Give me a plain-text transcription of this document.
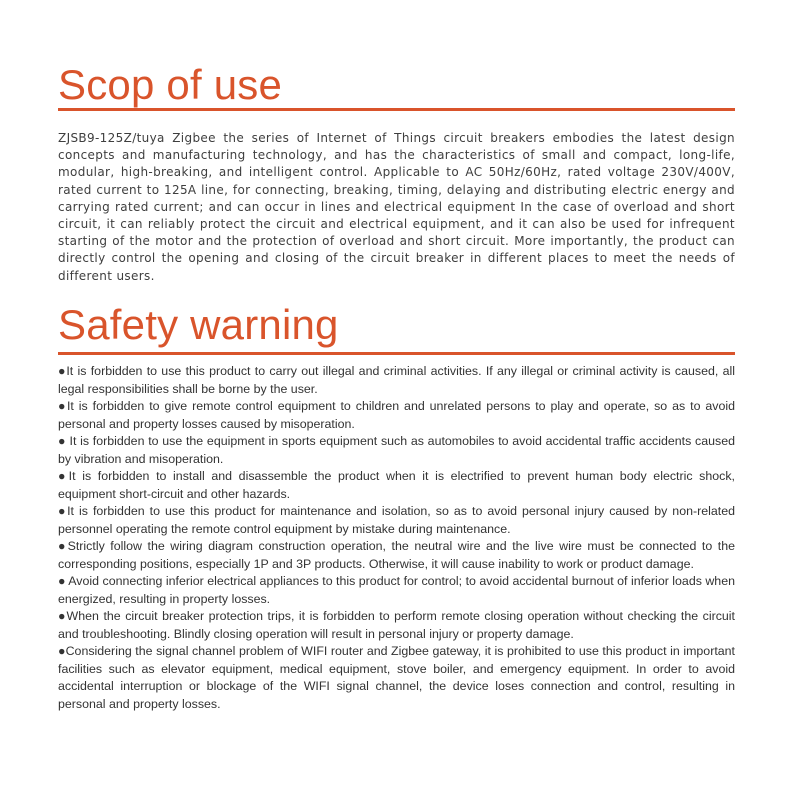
Scop of use

ZJSB9-125Z/tuya Zigbee the series of Internet of Things circuit breakers embodies the latest design concepts and manufacturing technology, and has the characteristics of small and compact, long-life, modular, high-breaking, and intelligent control. Applicable to AC 50Hz/60Hz, rated voltage 230V/400V, rated current to 125A line, for connecting, breaking, timing, delaying and distributing electric energy and carrying rated current; and can occur in lines and electrical equipment In the case of overload and short circuit, it can reliably protect the circuit and electrical equipment, and it can also be used for infrequent starting of the motor and the protection of overload and short circuit. More importantly, the product can directly control the opening and closing of the circuit breaker in different places to meet the needs of different users.

Safety warning
●It is forbidden to use this product to carry out illegal and criminal activities. If any illegal or criminal activity is caused, all legal responsibilities shall be borne by the user.
●It is forbidden to give remote control equipment to children and unrelated persons to play and operate, so as to avoid personal and property losses caused by misoperation.
● It is forbidden to use the equipment in sports equipment such as automobiles to avoid accidental traffic accidents caused by vibration and misoperation.
●It is forbidden to install and disassemble the product when it is electrified to prevent human body electric shock, equipment short-circuit and other hazards.
●It is forbidden to use this product for maintenance and isolation, so as to avoid personal injury caused by non-related personnel operating the remote control equipment by mistake during maintenance.
●Strictly follow the wiring diagram construction operation, the neutral wire and the live wire must be connected to the corresponding positions, especially 1P and 3P products. Otherwise, it will cause inability to work or product damage.
● Avoid connecting inferior electrical appliances to this product for control; to avoid accidental burnout of inferior loads when energized, resulting in property losses.
●When the circuit breaker protection trips, it is forbidden to perform remote closing operation without checking the circuit and troubleshooting. Blindly closing operation will result in personal injury or property damage.
●Considering the signal channel problem of WIFI router and Zigbee gateway, it is prohibited to use this product in important facilities such as elevator equipment, medical equipment, stove boiler, and emergency equipment. In order to avoid accidental interruption or blockage of the WIFI signal channel, the device loses connection and control, resulting in personal and property losses.
